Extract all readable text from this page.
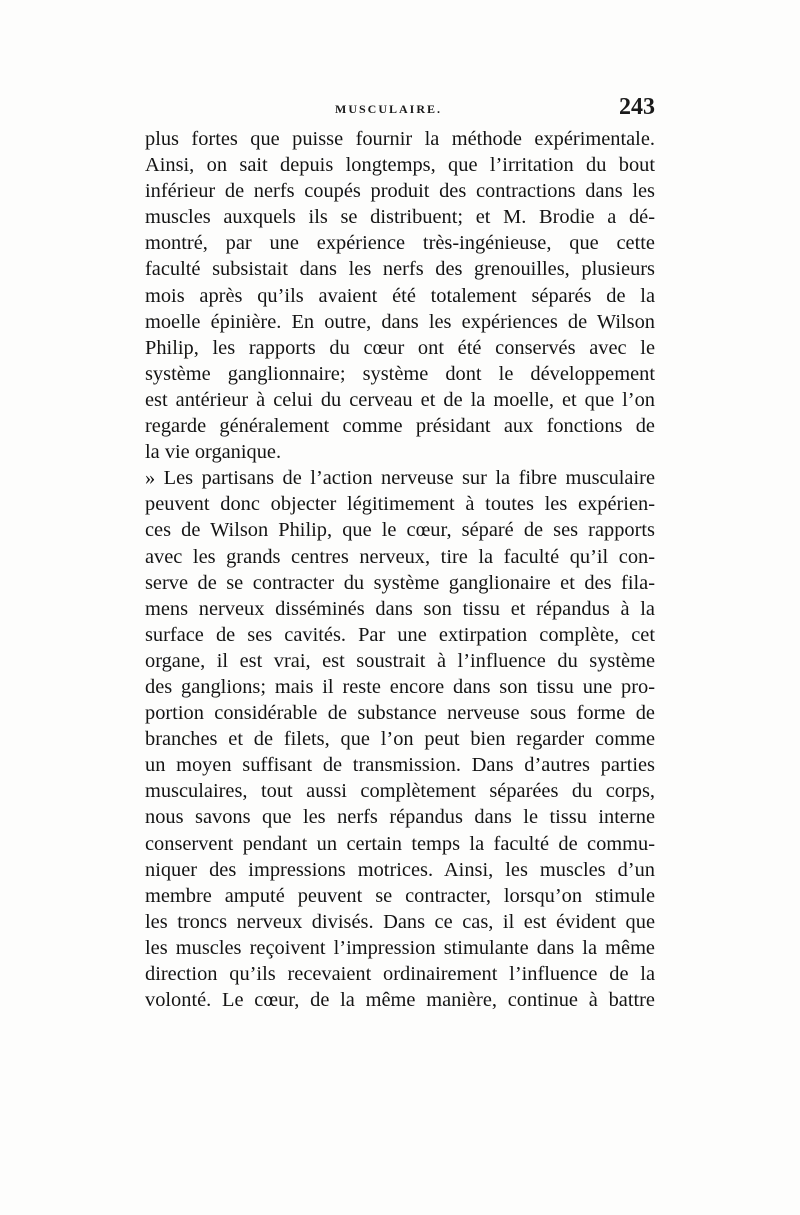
MUSCULAIRE.	243
plus fortes que puisse fournir la méthode expérimentale.
Ainsi, on sait depuis longtemps, que l’irritation du bout
inférieur de nerfs coupés produit des contractions dans les
muscles auxquels ils se distribuent; et M. Brodie a dé-
montré, par une expérience très-ingénieuse, que cette
faculté subsistait dans les nerfs des grenouilles, plusieurs
mois après qu’ils avaient été totalement séparés de la
moelle épinière. En outre, dans les expériences de Wilson
Philip, les rapports du cœur ont été conservés avec le
système ganglionnaire; système dont le développement
est antérieur à celui du cerveau et de la moelle, et que l’on
regarde généralement comme présidant aux fonctions de
la vie organique.
» Les partisans de l’action nerveuse sur la fibre musculaire
peuvent donc objecter légitimement à toutes les expérien-
ces de Wilson Philip, que le cœur, séparé de ses rapports
avec les grands centres nerveux, tire la faculté qu’il con-
serve de se contracter du système ganglionaire et des fila-
mens nerveux disséminés dans son tissu et répandus à la
surface de ses cavités. Par une extirpation complète, cet
organe, il est vrai, est soustrait à l’influence du système
des ganglions; mais il reste encore dans son tissu une pro-
portion considérable de substance nerveuse sous forme de
branches et de filets, que l’on peut bien regarder comme
un moyen suffisant de transmission. Dans d’autres parties
musculaires, tout aussi complètement séparées du corps,
nous savons que les nerfs répandus dans le tissu interne
conservent pendant un certain temps la faculté de commu-
niquer des impressions motrices. Ainsi, les muscles d’un
membre amputé peuvent se contracter, lorsqu’on stimule
les troncs nerveux divisés. Dans ce cas, il est évident que
les muscles reçoivent l’impression stimulante dans la même
direction qu’ils recevaient ordinairement l’influence de la
volonté. Le cœur, de la même manière, continue à battre
